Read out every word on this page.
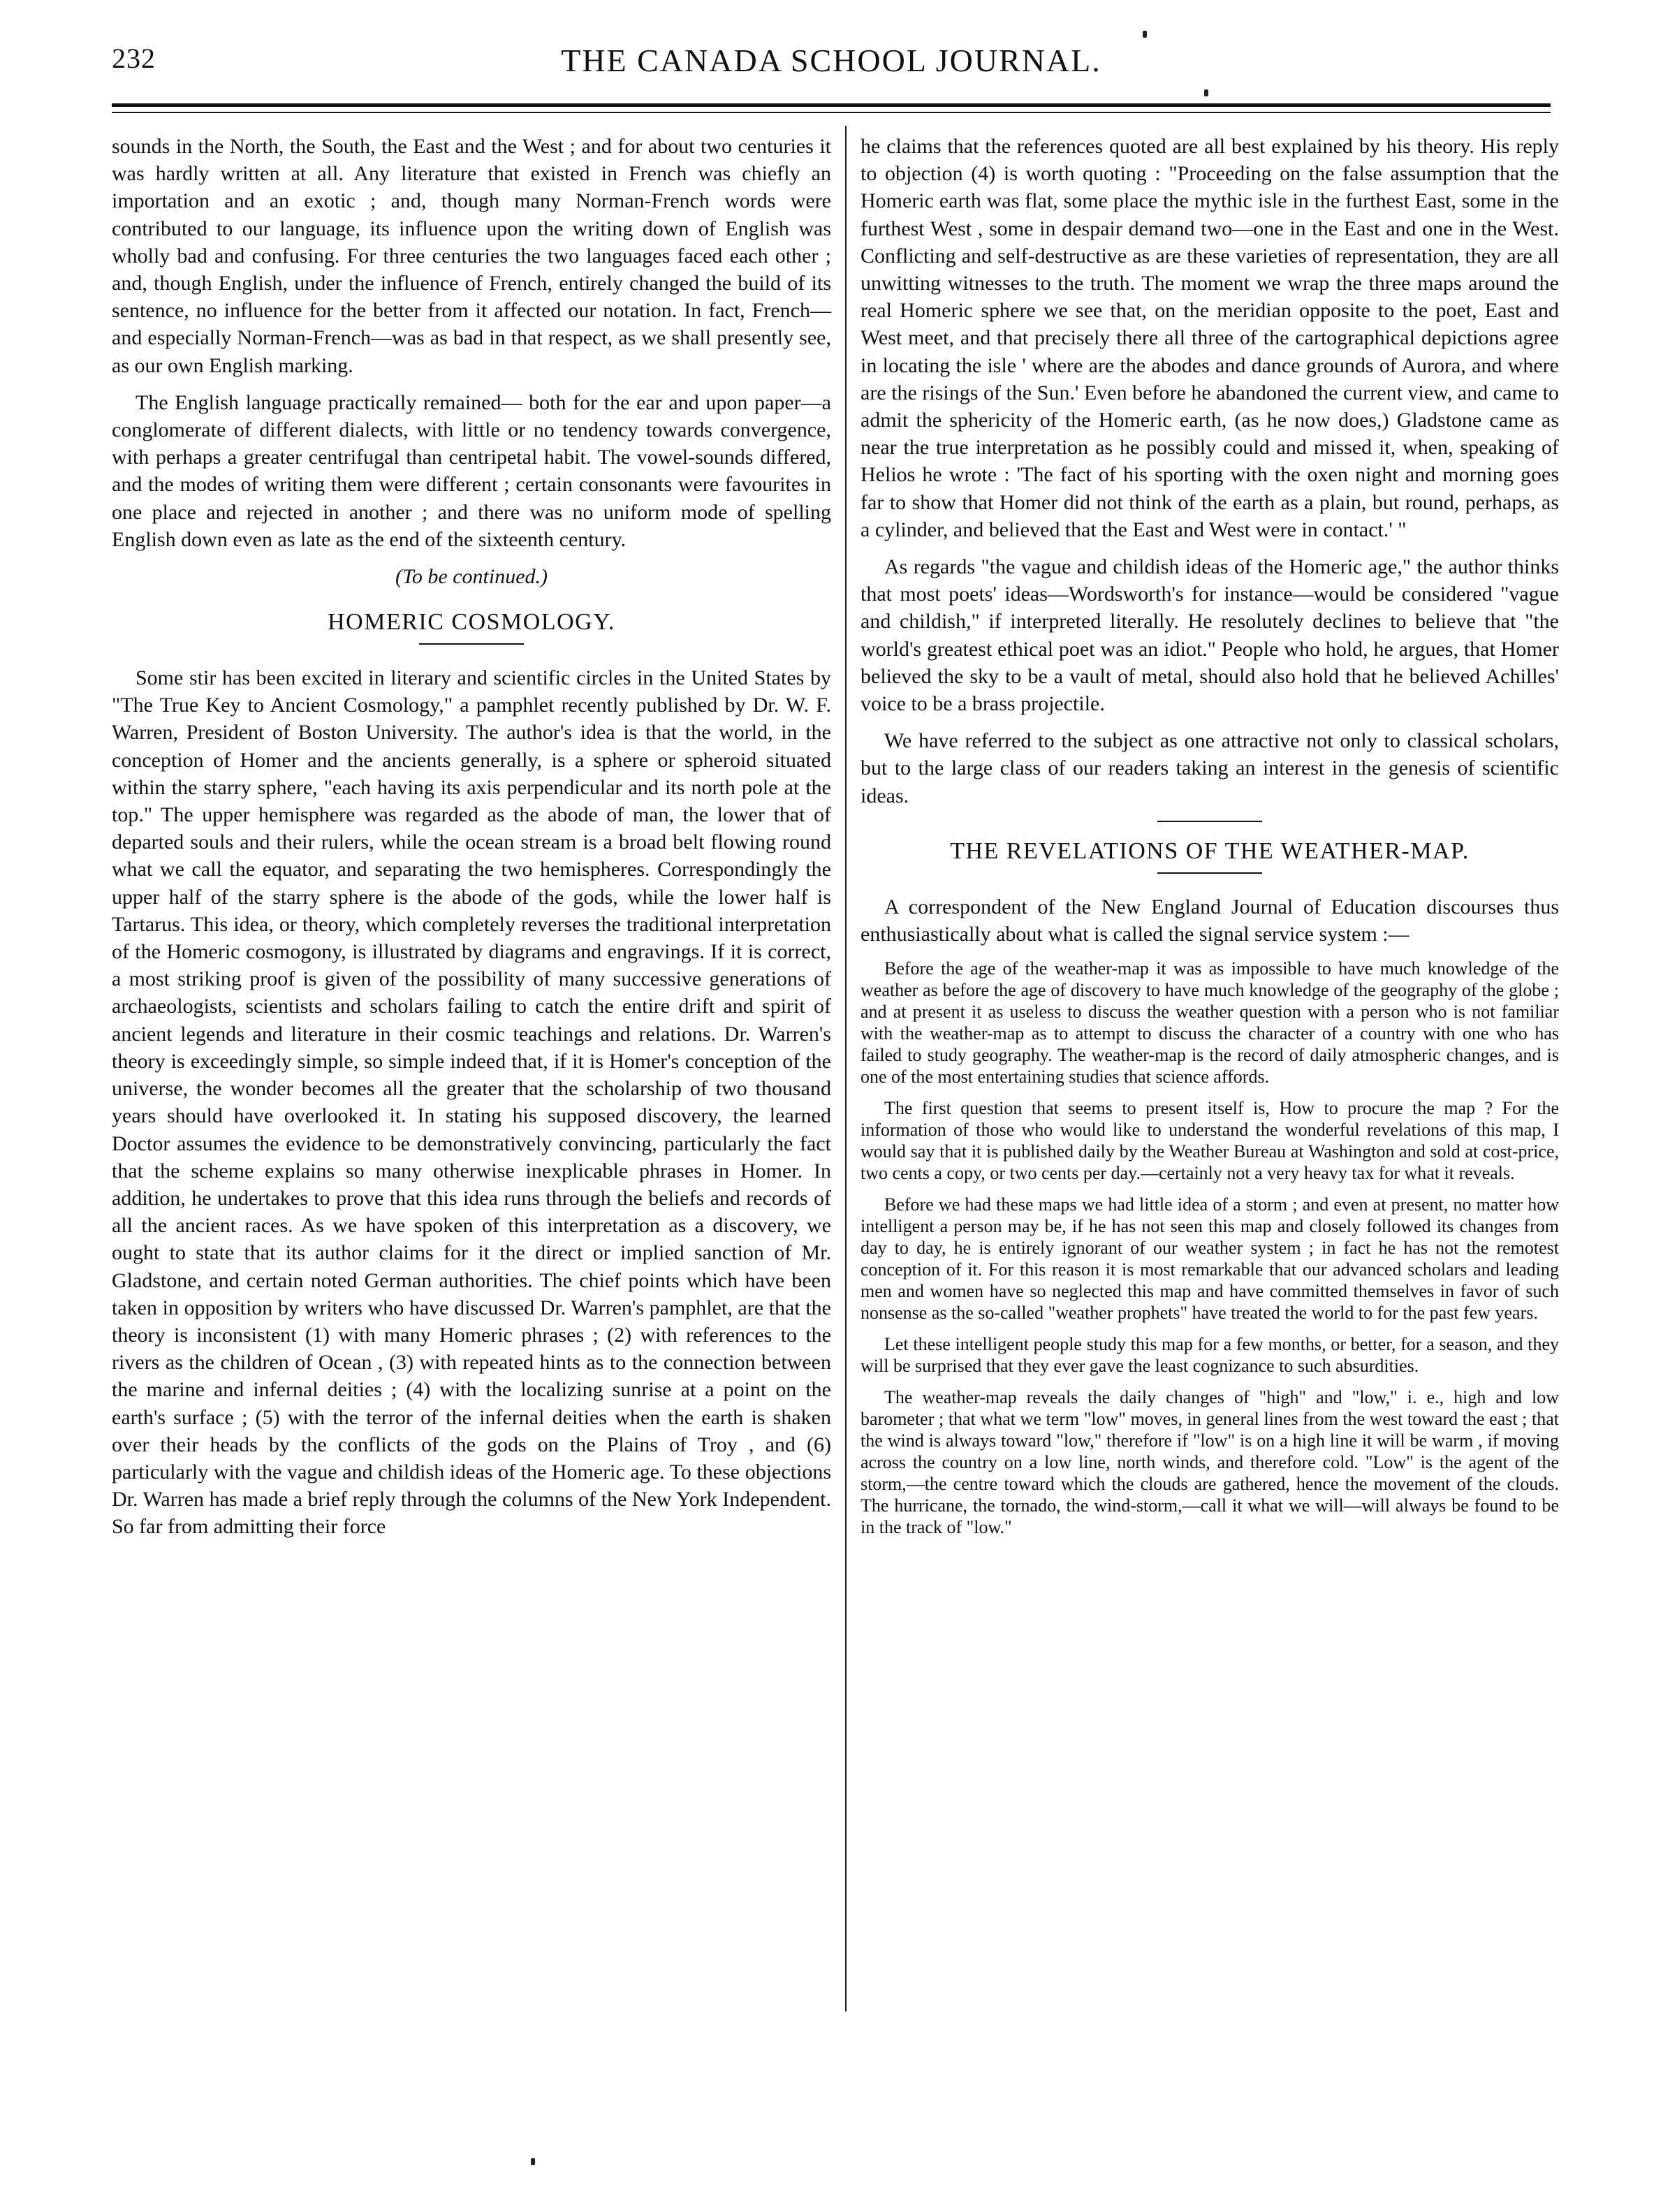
232	THE CANADA SCHOOL JOURNAL.

sounds in the North, the South, the East and the West ; and for about two centuries it was hardly written at all. Any literature that existed in French was chiefly an importation and an exotic ; and, though many Norman-French words were contributed to our language, its influence upon the writing down of English was wholly bad and confusing. For three centuries the two languages faced each other ; and, though English, under the influence of French, entirely changed the build of its sentence, no influence for the better from it affected our notation. In fact, French—and especially Norman-French—was as bad in that respect, as we shall presently see, as our own English marking.

The English language practically remained— both for the ear and upon paper—a conglomerate of different dialects, with little or no tendency towards convergence, with perhaps a greater centrifugal than centripetal habit. The vowel-sounds differed, and the modes of writing them were different ; certain consonants were favourites in one place and rejected in another ; and there was no uniform mode of spelling English down even as late as the end of the sixteenth century.

(To be continued.)
HOMERIC COSMOLOGY.

Some stir has been excited in literary and scientific circles in the United States by "The True Key to Ancient Cosmology," a pamphlet recently published by Dr. W. F. Warren, President of Boston University. The author's idea is that the world, in the conception of Homer and the ancients generally, is a sphere or spheroid situated within the starry sphere, "each having its axis perpendicular and its north pole at the top." The upper hemisphere was regarded as the abode of man, the lower that of departed souls and their rulers, while the ocean stream is a broad belt flowing round what we call the equator, and separating the two hemispheres. Correspondingly the upper half of the starry sphere is the abode of the gods, while the lower half is Tartarus. This idea, or theory, which completely reverses the traditional interpretation of the Homeric cosmogony, is illustrated by diagrams and engravings. If it is correct, a most striking proof is given of the possibility of many successive generations of archaeologists, scientists and scholars failing to catch the entire drift and spirit of ancient legends and literature in their cosmic teachings and relations. Dr. Warren's theory is exceedingly simple, so simple indeed that, if it is Homer's conception of the universe, the wonder becomes all the greater that the scholarship of two thousand years should have overlooked it. In stating his supposed discovery, the learned Doctor assumes the evidence to be demonstratively convincing, particularly the fact that the scheme explains so many otherwise inexplicable phrases in Homer. In addition, he undertakes to prove that this idea runs through the beliefs and records of all the ancient races. As we have spoken of this interpretation as a discovery, we ought to state that its author claims for it the direct or implied sanction of Mr. Gladstone, and certain noted German authorities. The chief points which have been taken in opposition by writers who have discussed Dr. Warren's pamphlet, are that the theory is inconsistent (1) with many Homeric phrases ; (2) with references to the rivers as the children of Ocean , (3) with repeated hints as to the connection between the marine and infernal deities ; (4) with the localizing sunrise at a point on the earth's surface ; (5) with the terror of the infernal deities when the earth is shaken over their heads by the conflicts of the gods on the Plains of Troy , and (6) particularly with the vague and childish ideas of the Homeric age. To these objections Dr. Warren has made a brief reply through the columns of the New York Independent. So far from admitting their force

he claims that the references quoted are all best explained by his theory. His reply to objection (4) is worth quoting : "Proceeding on the false assumption that the Homeric earth was flat, some place the mythic isle in the furthest East, some in the furthest West , some in despair demand two—one in the East and one in the West. Conflicting and self-destructive as are these varieties of representation, they are all unwitting witnesses to the truth. The moment we wrap the three maps around the real Homeric sphere we see that, on the meridian opposite to the poet, East and West meet, and that precisely there all three of the cartographical depictions agree in locating the isle ' where are the abodes and dance grounds of Aurora, and where are the risings of the Sun.' Even before he abandoned the current view, and came to admit the sphericity of the Homeric earth, (as he now does,) Gladstone came as near the true interpretation as he possibly could and missed it, when, speaking of Helios he wrote : 'The fact of his sporting with the oxen night and morning goes far to show that Homer did not think of the earth as a plain, but round, perhaps, as a cylinder, and believed that the East and West were in contact.' "

As regards "the vague and childish ideas of the Homeric age," the author thinks that most poets' ideas—Wordsworth's for instance—would be considered "vague and childish," if interpreted literally. He resolutely declines to believe that "the world's greatest ethical poet was an idiot." People who hold, he argues, that Homer believed the sky to be a vault of metal, should also hold that he believed Achilles' voice to be a brass projectile.

We have referred to the subject as one attractive not only to classical scholars, but to the large class of our readers taking an interest in the genesis of scientific ideas.

THE REVELATIONS OF THE WEATHER-MAP.

A correspondent of the New England Journal of Education discourses thus enthusiastically about what is called the signal service system :—

Before the age of the weather-map it was as impossible to have much knowledge of the weather as before the age of discovery to have much knowledge of the geography of the globe ; and at present it as useless to discuss the weather question with a person who is not familiar with the weather-map as to attempt to discuss the character of a country with one who has failed to study geography. The weather-map is the record of daily atmospheric changes, and is one of the most entertaining studies that science affords.

The first question that seems to present itself is, How to procure the map ? For the information of those who would like to understand the wonderful revelations of this map, I would say that it is published daily by the Weather Bureau at Washington and sold at cost-price, two cents a copy, or two cents per day.—certainly not a very heavy tax for what it reveals.

Before we had these maps we had little idea of a storm ; and even at present, no matter how intelligent a person may be, if he has not seen this map and closely followed its changes from day to day, he is entirely ignorant of our weather system ; in fact he has not the remotest conception of it. For this reason it is most remarkable that our advanced scholars and leading men and women have so neglected this map and have committed themselves in favor of such nonsense as the so-called "weather prophets" have treated the world to for the past few years.

Let these intelligent people study this map for a few months, or better, for a season, and they will be surprised that they ever gave the least cognizance to such absurdities.

The weather-map reveals the daily changes of "high" and "low," i. e., high and low barometer ; that what we term "low" moves, in general lines from the west toward the east ; that the wind is always toward "low," therefore if "low" is on a high line it will be warm , if moving across the country on a low line, north winds, and therefore cold. "Low" is the agent of the storm,—the centre toward which the clouds are gathered, hence the movement of the clouds. The hurricane, the tornado, the wind-storm,—call it what we will—will always be found to be in the track of "low."
